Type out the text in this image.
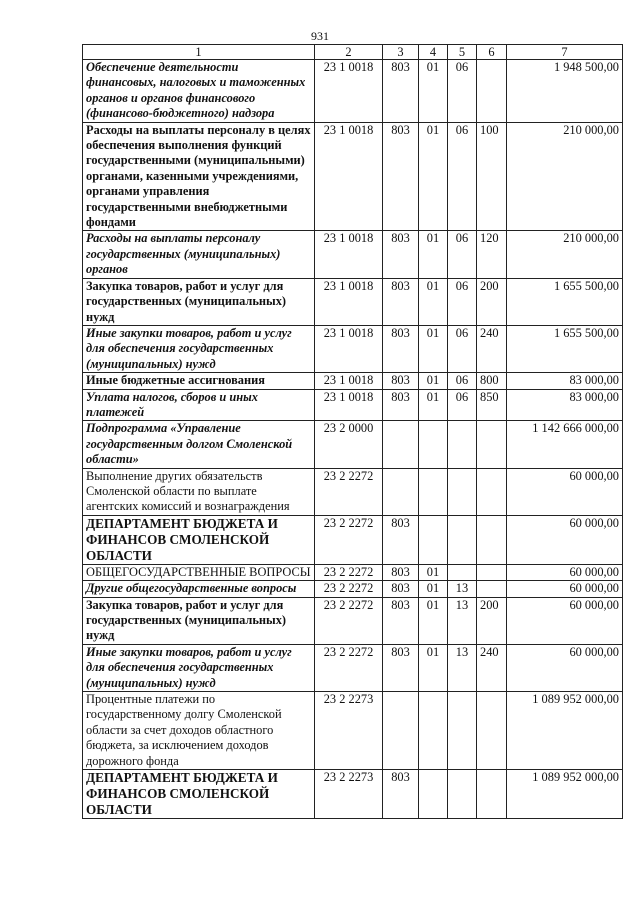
931
1	2	3	4	5	6	7
Обеспечение деятельности финансовых, налоговых и таможенных органов и органов финансового (финансово-бюджетного) надзора	23 1 0018	803	01	06		1 948 500,00
Расходы на выплаты персоналу в целях обеспечения выполнения функций государственными (муниципальными) органами, казенными учреждениями, органами управления государственными внебюджетными фондами	23 1 0018	803	01	06	100	210 000,00
Расходы на выплаты персоналу государственных (муниципальных) органов	23 1 0018	803	01	06	120	210 000,00
Закупка товаров, работ и услуг для государственных (муниципальных) нужд	23 1 0018	803	01	06	200	1 655 500,00
Иные закупки товаров, работ и услуг для обеспечения государственных (муниципальных) нужд	23 1 0018	803	01	06	240	1 655 500,00
Иные бюджетные ассигнования	23 1 0018	803	01	06	800	83 000,00
Уплата налогов, сборов и иных платежей	23 1 0018	803	01	06	850	83 000,00
Подпрограмма «Управление государственным долгом Смоленской области»	23 2 0000					1 142 666 000,00
Выполнение других обязательств Смоленской области по выплате агентских комиссий и вознаграждения	23 2 2272					60 000,00
ДЕПАРТАМЕНТ БЮДЖЕТА И ФИНАНСОВ СМОЛЕНСКОЙ ОБЛАСТИ	23 2 2272	803				60 000,00
ОБЩЕГОСУДАРСТВЕННЫЕ ВОПРОСЫ	23 2 2272	803	01			60 000,00
Другие общегосударственные вопросы	23 2 2272	803	01	13		60 000,00
Закупка товаров, работ и услуг для государственных (муниципальных) нужд	23 2 2272	803	01	13	200	60 000,00
Иные закупки товаров, работ и услуг для обеспечения государственных (муниципальных) нужд	23 2 2272	803	01	13	240	60 000,00
Процентные платежи по государственному долгу Смоленской области за счет доходов областного бюджета, за исключением доходов дорожного фонда	23 2 2273					1 089 952 000,00
ДЕПАРТАМЕНТ БЮДЖЕТА И ФИНАНСОВ СМОЛЕНСКОЙ ОБЛАСТИ	23 2 2273	803				1 089 952 000,00
